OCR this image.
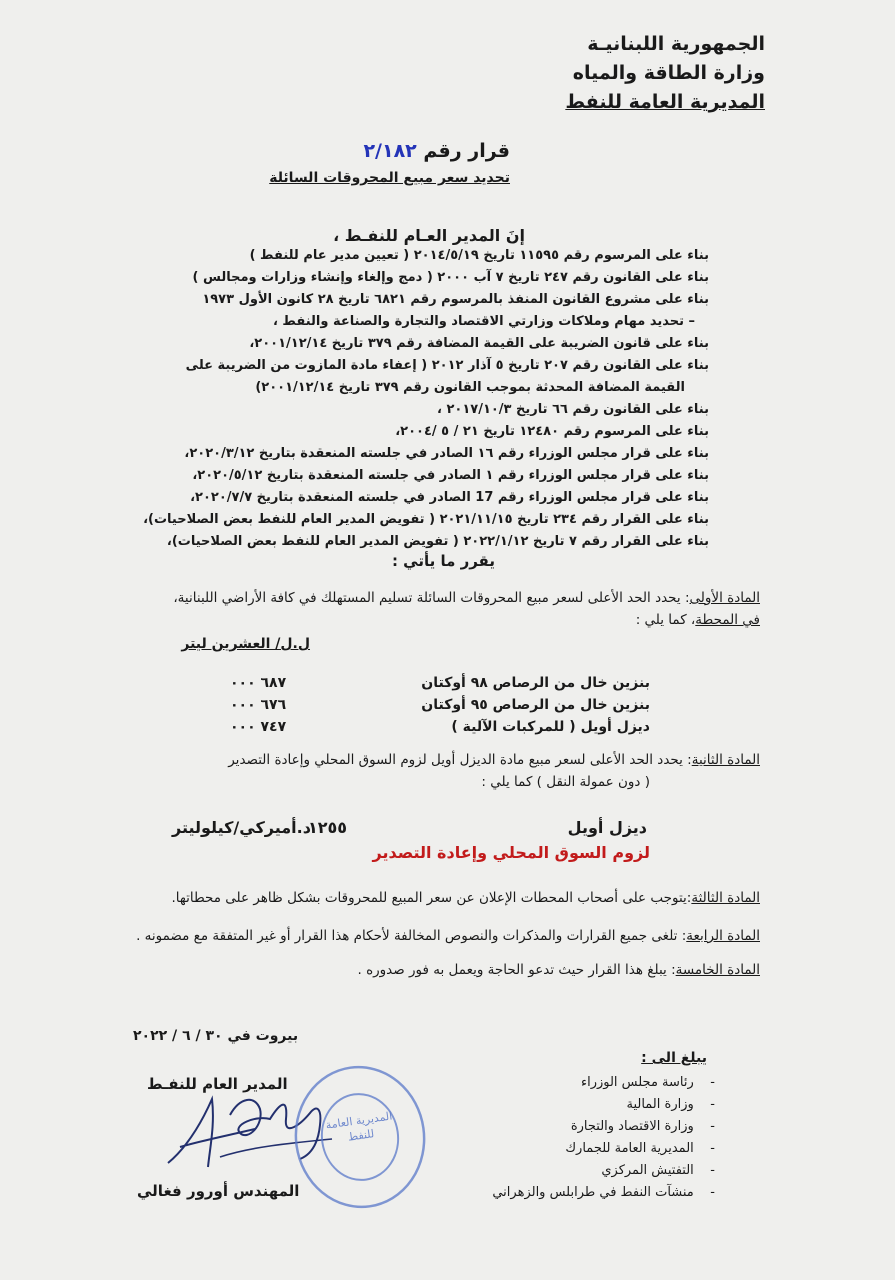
الجمهورية اللبنانيـة
وزارة الطاقة والمياه
المديرية العامة للنفط
قرار رقم ٢/١٨٢
تحديد سعر مبيع المحروقات السائلة
إنَ المدير العـام للنفـط ،
بناء على المرسوم رقم ١١٥٩٥ تاريخ ٢٠١٤/٥/١٩ ( تعيين مدير عام للنفط )
بناء على القانون رقم ٢٤٧ تاريخ ٧ آب ٢٠٠٠ ( دمج وإلغاء وإنشاء وزارات ومجالس )
بناء على مشروع القانون المنفذ بالمرسوم رقم ٦٨٢١ تاريخ ٢٨ كانون الأول ١٩٧٣
– تحديد مهام وملاكات وزارتي الاقتصاد والتجارة والصناعة والنفط ،
بناء على قانون الضريبة على القيمة المضافة رقم ٣٧٩ تاريخ ٢٠٠١/١٢/١٤،
بناء على القانون رقم ٢٠٧ تاريخ ٥ آذار ٢٠١٢ ( إعفاء مادة المازوت من الضريبة على
القيمة المضافة المحدثة بموجب القانون رقم ٣٧٩ تاريخ ٢٠٠١/١٢/١٤)
بناء على القانون رقم ٦٦ تاريخ ٢٠١٧/١٠/٣ ،
بناء على المرسوم رقم ١٢٤٨٠ تاريخ ٢١ / ٥ /٢٠٠٤،
بناء على قرار مجلس الوزراء رقم ١٦ الصادر في جلسته المنعقدة بتاريخ ٢٠٢٠/٣/١٢،
بناء على قرار مجلس الوزراء رقم ١ الصادر في جلسته المنعقدة بتاريخ ٢٠٢٠/٥/١٢،
بناء على قرار مجلس الوزراء رقم 17 الصادر في جلسته المنعقدة بتاريخ ٢٠٢٠/٧/٧،
بناء على القرار رقم ٢٣٤ تاريخ ٢٠٢١/١١/١٥ ( تفويض المدير العام للنفط بعض الصلاحيات)،
بناء على القرار رقم ٧ تاريخ ٢٠٢٢/١/١٢ ( تفويض المدير العام للنفط بعض الصلاحيات)،
يقرر ما يأتي :
المادة الأولى: يحدد الحد الأعلى لسعر مبيع المحروقات السائلة تسليم المستهلك في كافة الأراضي اللبنانية،
في المحطة، كما يلي :
ل.ل/ العشرين ليتر
بنزين خال من الرصاص ٩٨ أوكتان
٦٨٧ ٠٠٠
بنزين خال من الرصاص ٩٥ أوكتان
٦٧٦ ٠٠٠
ديزل أويل ( للمركبات الآلية )
٧٤٧ ٠٠٠
المادة الثانية: يحدد الحد الأعلى لسعر مبيع مادة الديزل أويل لزوم السوق المحلي وإعادة التصدير
( دون عمولة النقل ) كما يلي :
ديزل أويل
١٢٥٥
د.أميركي/كيلوليتر
لزوم السوق المحلي وإعادة التصدير
المادة الثالثة:يتوجب على أصحاب المحطات الإعلان عن سعر المبيع للمحروقات بشكل ظاهر على محطاتها.
المادة الرابعة: تلغى جميع القرارات والمذكرات والنصوص المخالفة لأحكام هذا القرار أو غير المتفقة مع مضمونه .
المادة الخامسة: يبلغ هذا القرار حيث تدعو الحاجة ويعمل به فور صدوره .
بيروت في ٣٠ / ٦ / ٢٠٢٢
يبلغ الى :
-    رئاسة مجلس الوزراء
-    وزارة المالية
-    وزارة الاقتصاد والتجارة
-    المديرية العامة للجمارك
-    التفتيش المركزي
-    منشآت النفط في طرابلس والزهراني
المدير العام للنفـط
المهندس أورور فغالي
المديرية العامة للنفط
